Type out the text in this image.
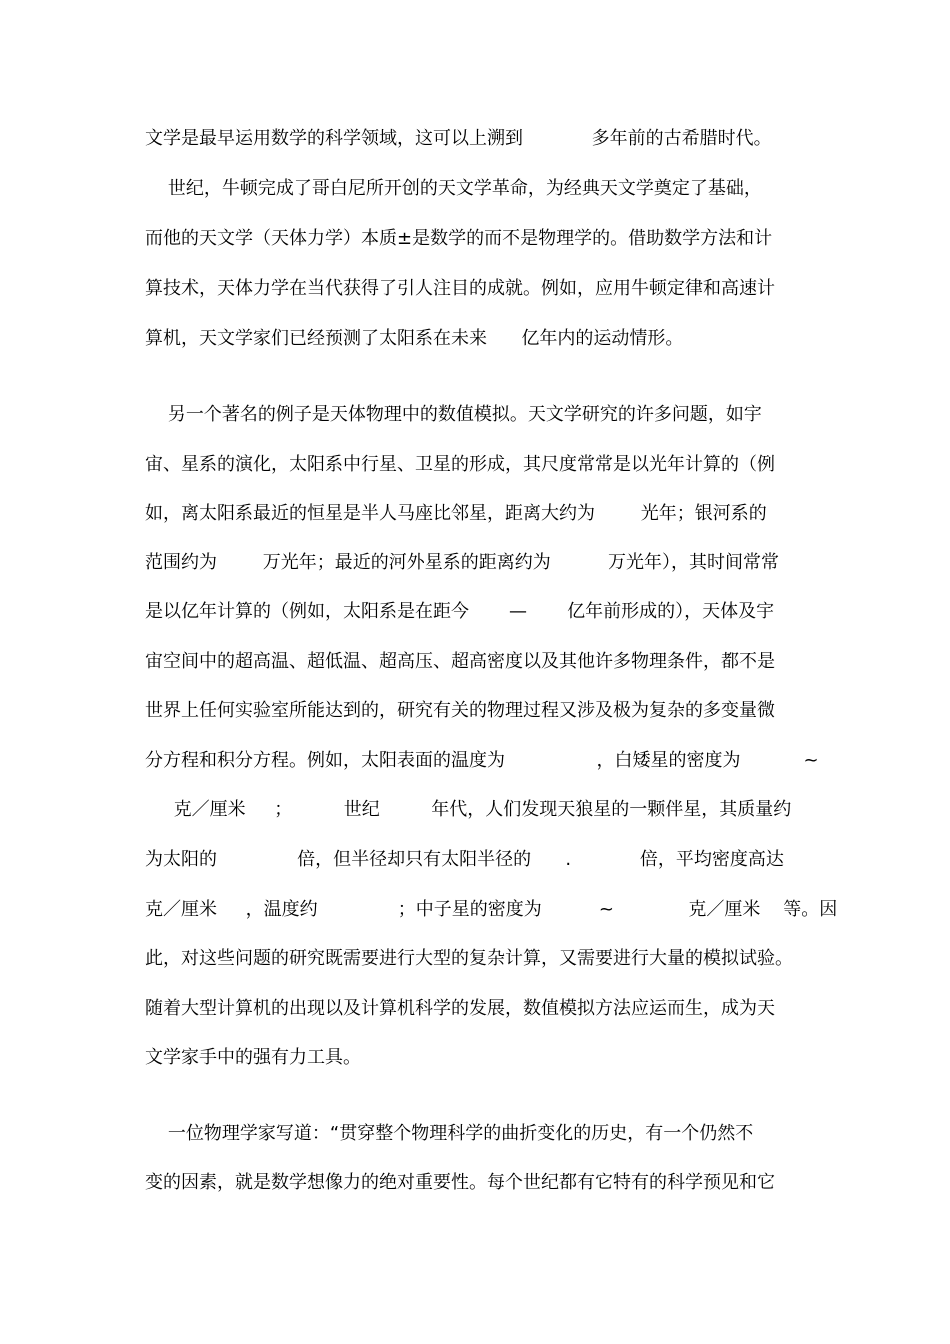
文学是最早运用数学的科学领域，这可以上溯到            多年前的古希腊时代。
世纪，牛顿完成了哥白尼所开创的天文学革命，为经典天文学奠定了基础，
而他的天文学（天体力学）本质±是数学的而不是物理学的。借助数学方法和计
算技术，天体力学在当代获得了引人注目的成就。例如，应用牛顿定律和高速计
算机，天文学家们已经预测了太阳系在未来      亿年内的运动情形。
另一个著名的例子是天体物理中的数值模拟。天文学研究的许多问题，如宇
宙、星系的演化，太阳系中行星、卫星的形成，其尺度常常是以光年计算的（例
如，离太阳系最近的恒星是半人马座比邻星，距离大约为        光年；银河系的
范围约为        万光年；最近的河外星系的距离约为          万光年），其时间常常
是以亿年计算的（例如，太阳系是在距今       —       亿年前形成的），天体及宇
宙空间中的超高温、超低温、超高压、超高密度以及其他许多物理条件，都不是
世界上任何实验室所能达到的，研究有关的物理过程又涉及极为复杂的多变量微
分方程和积分方程。例如，太阳表面的温度为                ，白矮星的密度为           ~
克／厘米     ；         世纪         年代，人们发现天狼星的一颗伴星，其质量约
为太阳的              倍，但半径却只有太阳半径的      .            倍，平均密度高达
克／厘米     ，温度约              ；中子星的密度为          ~             克／厘米    等。因
此，对这些问题的研究既需要进行大型的复杂计算，又需要进行大量的模拟试验。
随着大型计算机的出现以及计算机科学的发展，数值模拟方法应运而生，成为天
文学家手中的强有力工具。
一位物理学家写道：“贯穿整个物理科学的曲折变化的历史，有一个仍然不
变的因素，就是数学想像力的绝对重要性。每个世纪都有它特有的科学预见和它
